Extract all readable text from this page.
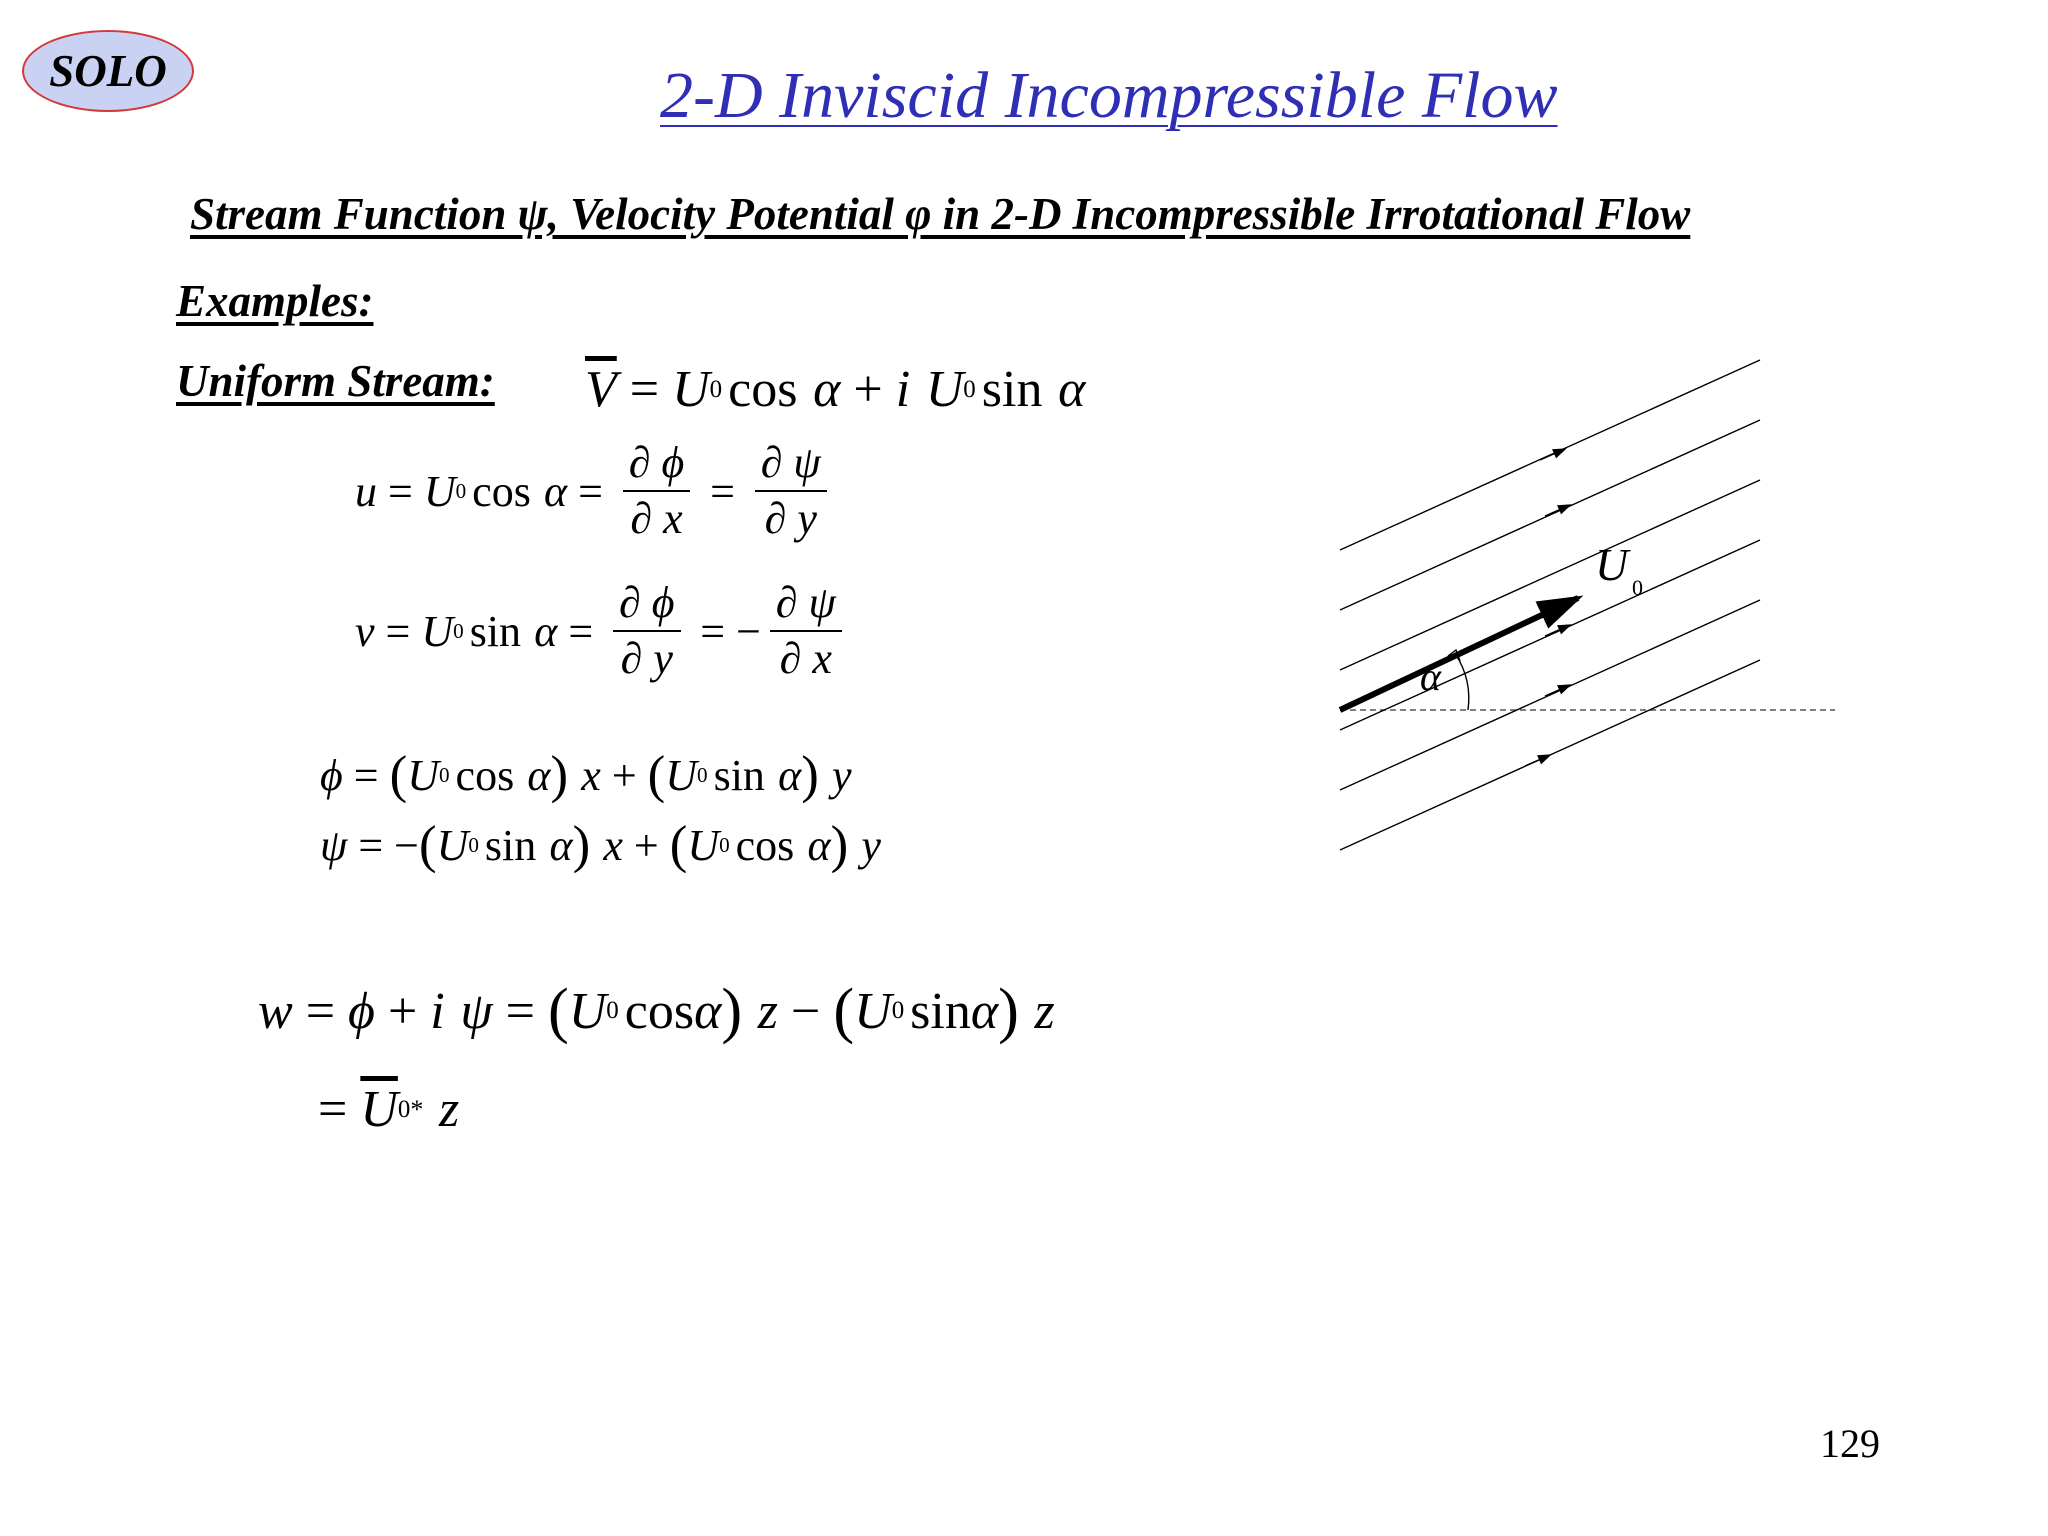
SOLO	2-D Inviscid Incompressible Flow
Stream Function ψ, Velocity Potential φ in 2-D Incompressible Irrotational Flow
Examples:
Uniform Stream: $\overline{V} = U$ 0 cos α + i U 0 sin α
u = U 0 $\cos \alpha = \frac{\partial \phi}{\partial x} = \frac{\partial \psi}{\partial y}$
v = U 0 $\sin \alpha = \frac{\partial \phi}{\partial y}$ = − $\frac{\partial \psi}{\partial x}$
ϕ = ( U 0 cos α ) x + ( U 0 sin α ) y
ψ = − ( U 0 sin α ) x + ( U 0 cos α ) y
w = ϕ + i ψ = ( U 0 cos α ) z − ( U 0 sin α ) z
= $\overline{U}$ 0 * z
U 0
α
129
